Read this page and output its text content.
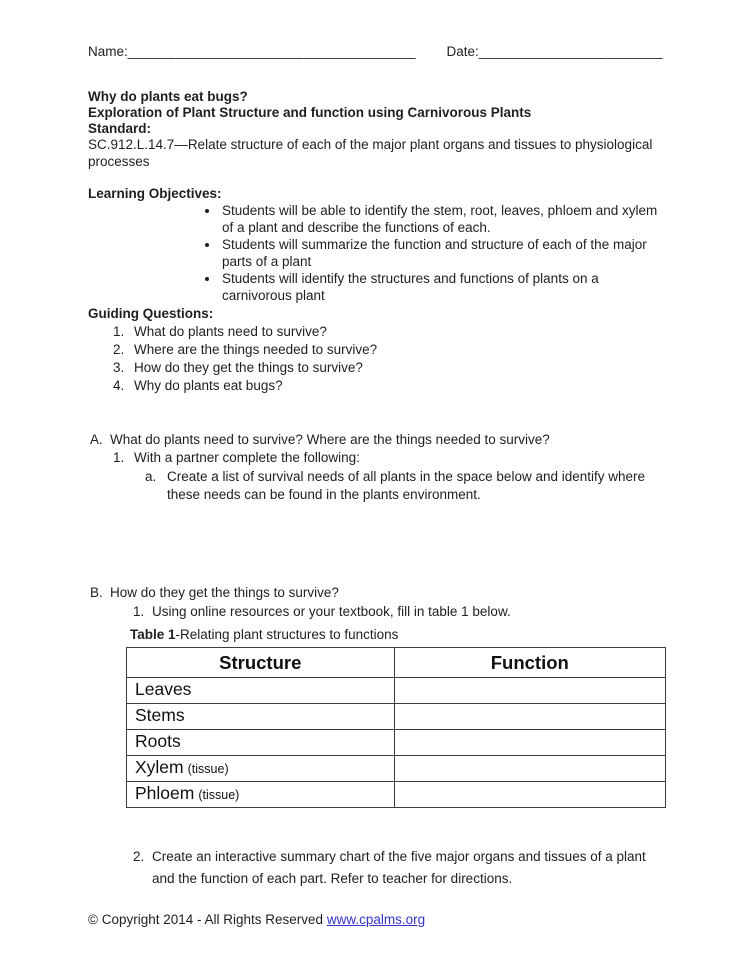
Name:____________________________________ Date:_______________________
Why do plants eat bugs?
Exploration of Plant Structure and function using Carnivorous Plants
Standard:
SC.912.L.14.7—Relate structure of each of the major plant organs and tissues to physiological processes
Learning Objectives:
• Students will be able to identify the stem, root, leaves, phloem and xylem of a plant and describe the functions of each.
• Students will summarize the function and structure of each of the major parts of a plant
• Students will identify the structures and functions of plants on a carnivorous plant
Guiding Questions:
1. What do plants need to survive?
2. Where are the things needed to survive?
3. How do they get the things to survive?
4. Why do plants eat bugs?
A. What do plants need to survive? Where are the things needed to survive?
1. With a partner complete the following:
a. Create a list of survival needs of all plants in the space below and identify where these needs can be found in the plants environment.
B. How do they get the things to survive?
1. Using online resources or your textbook, fill in table 1 below.
Table 1-Relating plant structures to functions
Structure	Function
Leaves	
Stems	
Roots	
Xylem (tissue)	
Phloem (tissue)	
2. Create an interactive summary chart of the five major organs and tissues of a plant and the function of each part. Refer to teacher for directions.
© Copyright 2014 - All Rights Reserved www.cpalms.org
